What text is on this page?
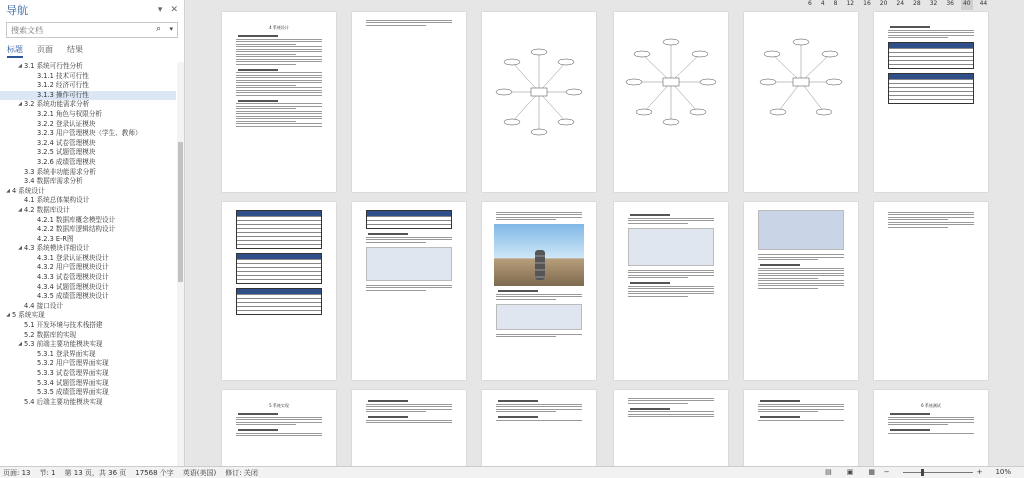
导航	▾ ✕
搜索文档
⌕ ▾
标题 页面 结果
◢ 3.1 系统可行性分析
3.1.1 技术可行性
3.1.2 经济可行性
3.1.3 操作可行性
◢ 3.2 系统功能需求分析
3.2.1 角色与权限分析
3.2.2 登录认证模块
3.2.3 用户管理模块（学生、教师）
3.2.4 试卷管理模块
3.2.5 试题管理模块
3.2.6 成绩管理模块
3.3 系统非功能需求分析
3.4 数据库需求分析
◢ 4 系统设计
4.1 系统总体架构设计
◢ 4.2 数据库设计
4.2.1 数据库概念模型设计
4.2.2 数据库逻辑结构设计
4.2.3 E-R图
◢ 4.3 系统模块详细设计
4.3.1 登录认证模块设计
4.3.2 用户管理模块设计
4.3.3 试卷管理模块设计
4.3.4 试题管理模块设计
4.3.5 成绩管理模块设计
4.4 接口设计
◢ 5 系统实现
5.1 开发环境与技术栈搭建
5.2 数据库的实现
◢ 5.3 前端主要功能模块实现
5.3.1 登录界面实现
5.3.2 用户管理界面实现
5.3.3 试卷管理界面实现
5.3.4 试题管理界面实现
5.3.5 成绩管理界面实现
5.4 后端主要功能模块实现
6	4	8	12	16	20	24	28	32	36	40	44
4 系统设计
5 系统实现	6 系统测试
页面: 13 节: 1 第 13 页，共 36 页 17568 个字 英语(美国) 修订: 关闭	▤ ▣ ▦ −	+ 10%
